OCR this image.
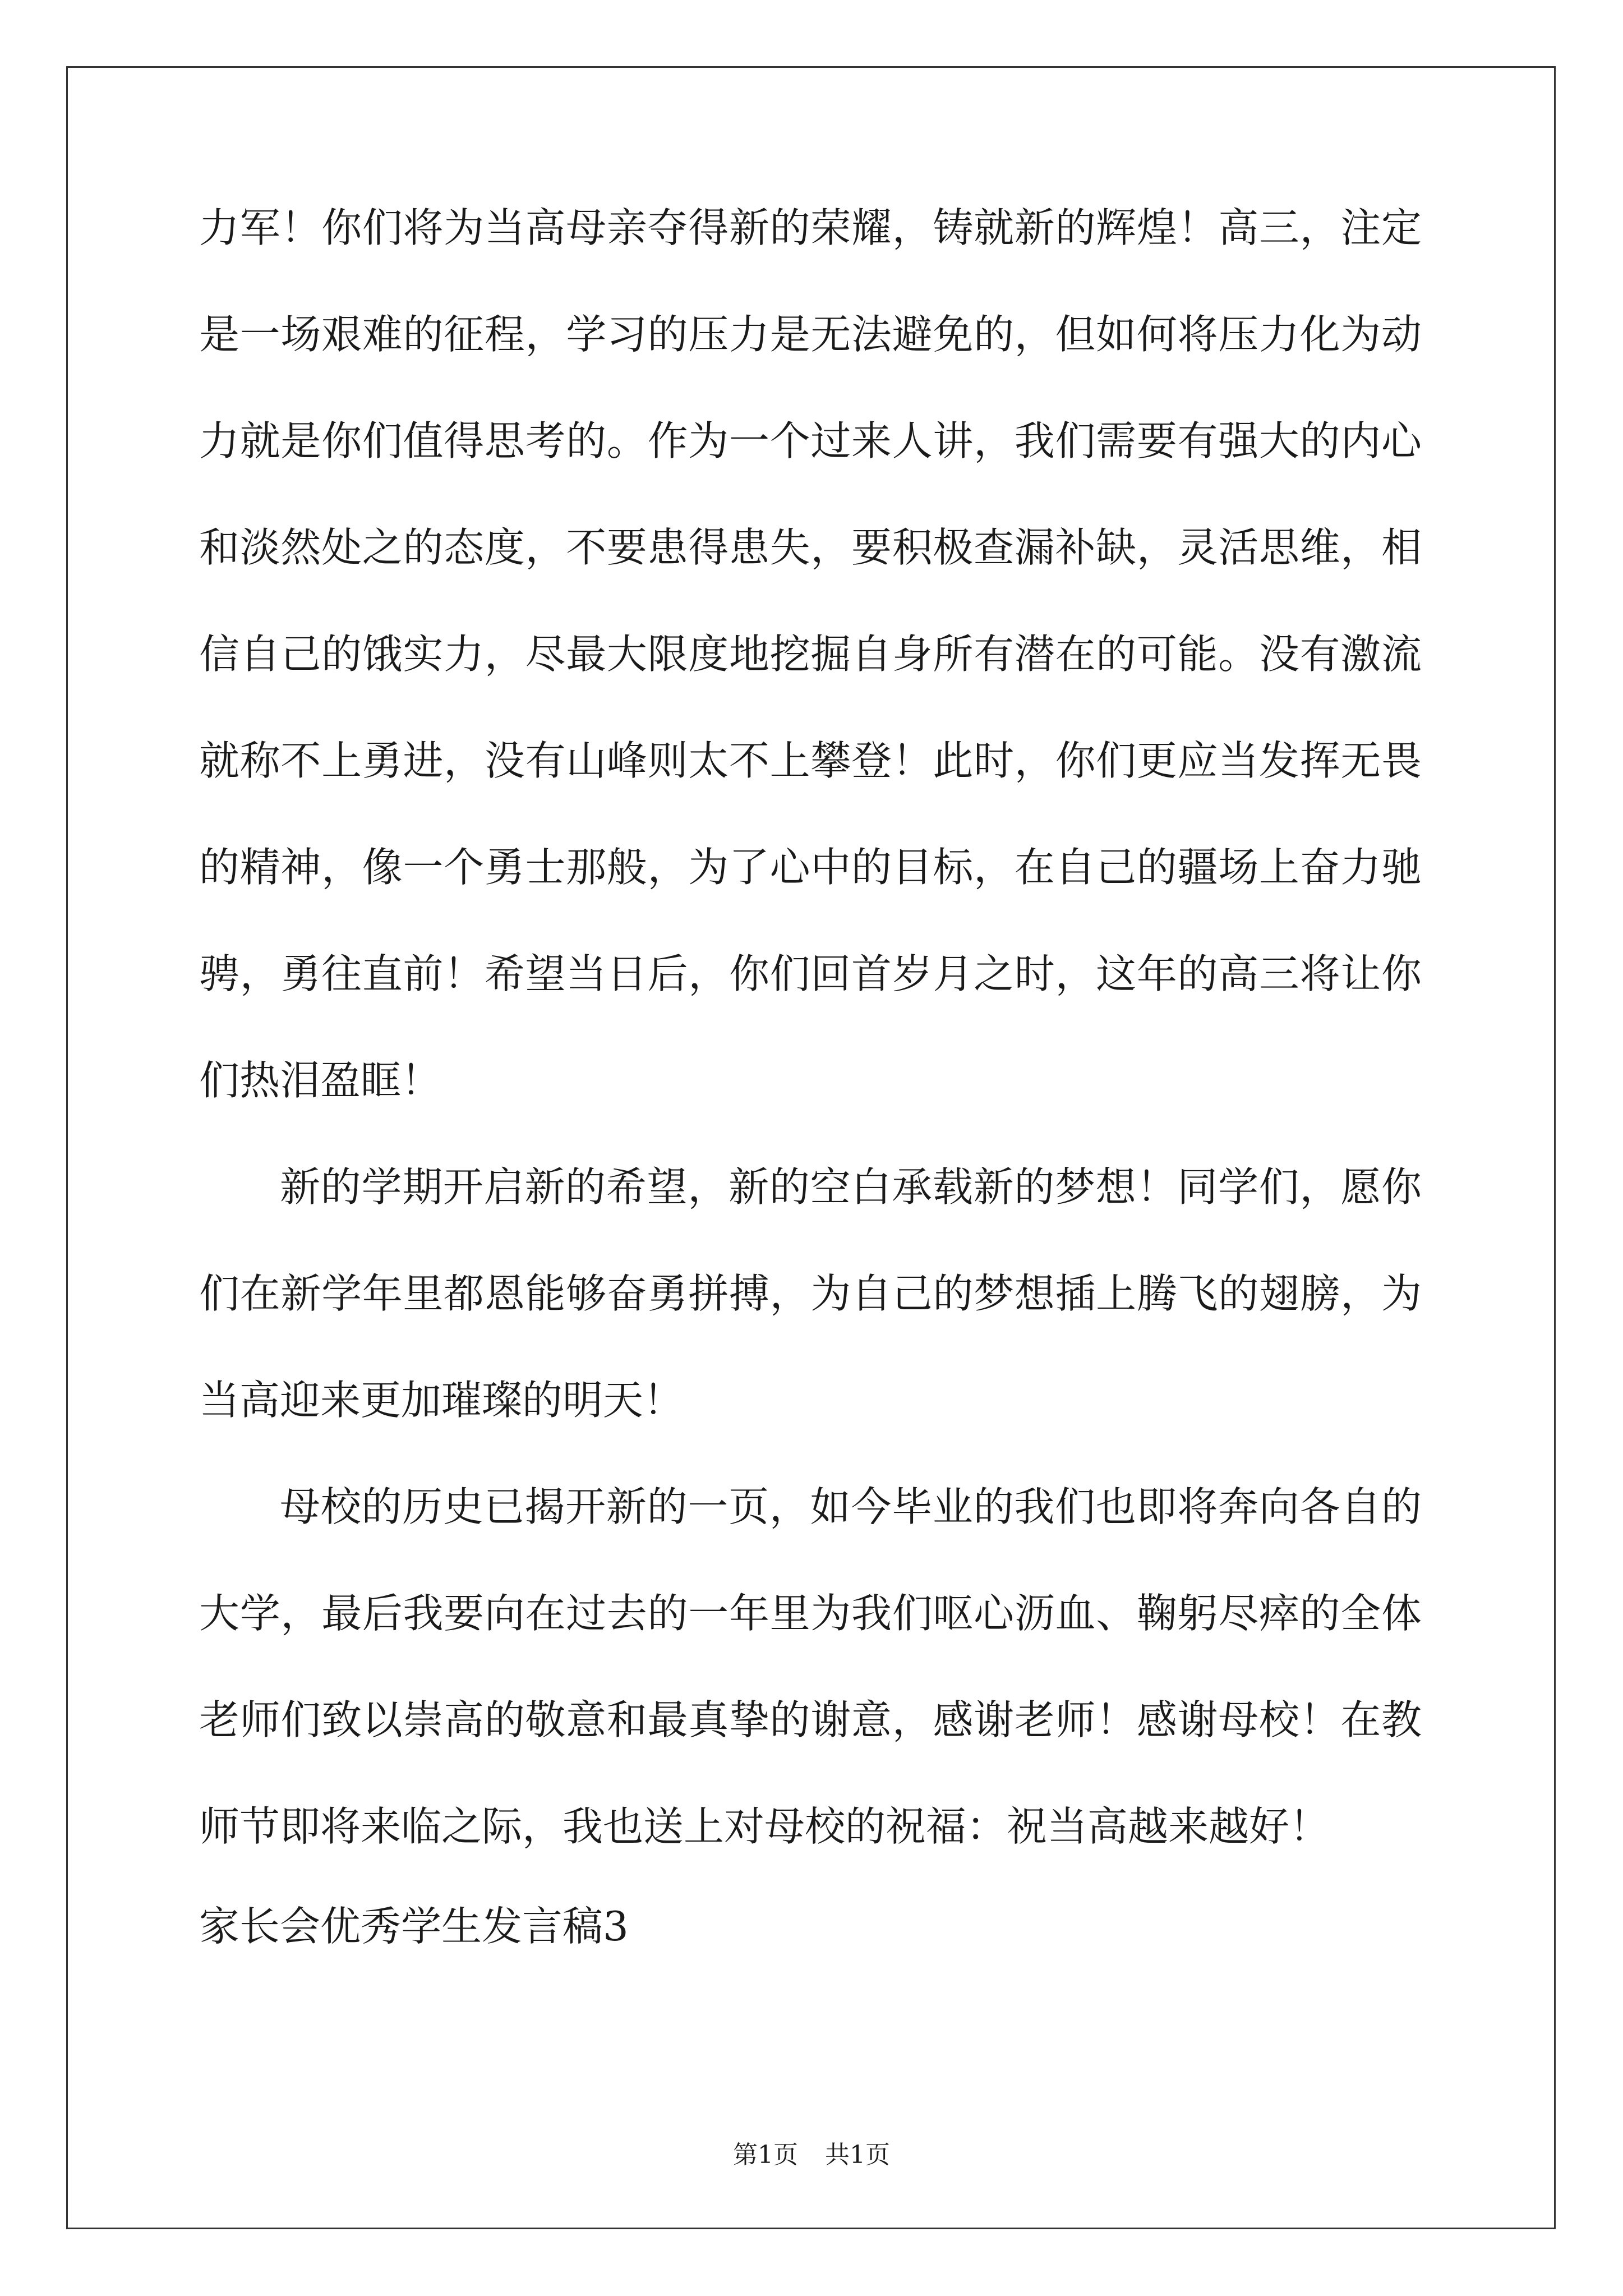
力军！你们将为当高母亲夺得新的荣耀，铸就新的辉煌！高三，注定
是一场艰难的征程，学习的压力是无法避免的，但如何将压力化为动
力就是你们值得思考的。作为一个过来人讲，我们需要有强大的内心
和淡然处之的态度，不要患得患失，要积极查漏补缺，灵活思维，相
信自己的饿实力，尽最大限度地挖掘自身所有潜在的可能。没有激流
就称不上勇进，没有山峰则太不上攀登！此时，你们更应当发挥无畏
的精神，像一个勇士那般，为了心中的目标，在自己的疆场上奋力驰
骋，勇往直前！希望当日后，你们回首岁月之时，这年的高三将让你
们热泪盈眶！
新的学期开启新的希望，新的空白承载新的梦想！同学们，愿你
们在新学年里都恩能够奋勇拼搏，为自己的梦想插上腾飞的翅膀，为
当高迎来更加璀璨的明天！
母校的历史已揭开新的一页，如今毕业的我们也即将奔向各自的
大学，最后我要向在过去的一年里为我们呕心沥血、鞠躬尽瘁的全体
老师们致以崇高的敬意和最真挚的谢意，感谢老师！感谢母校！在教
师节即将来临之际，我也送上对母校的祝福：祝当高越来越好！
家长会优秀学生发言稿3
第1页 共1页
